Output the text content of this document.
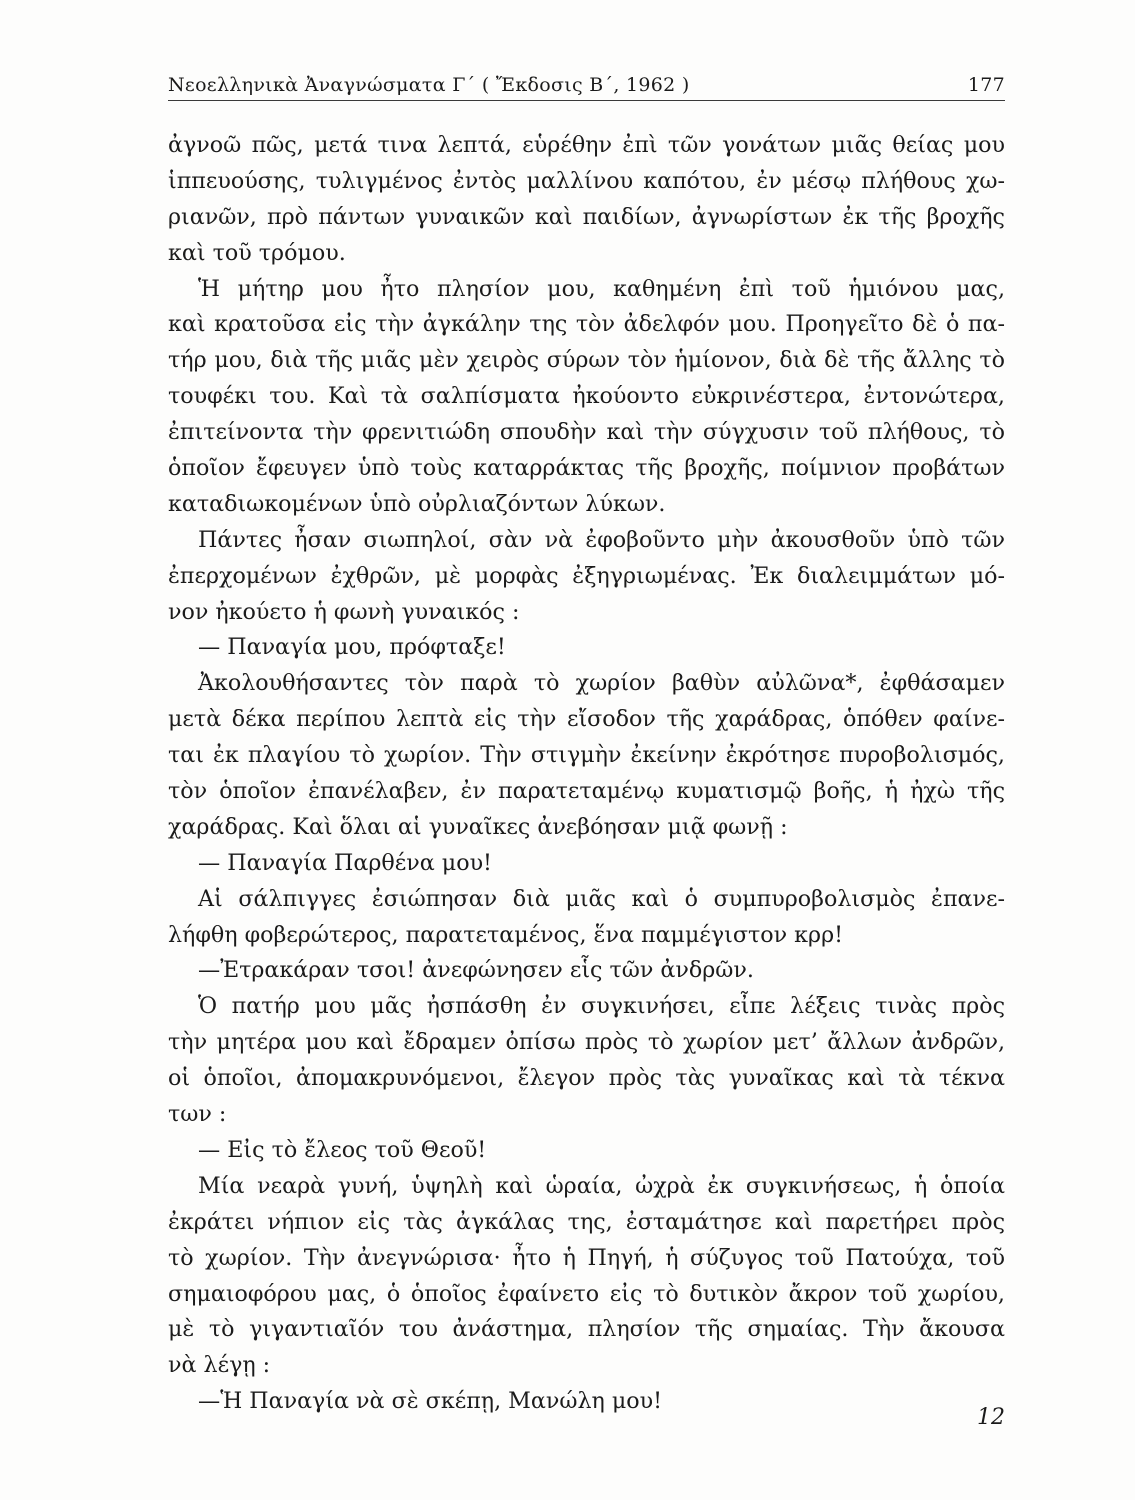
Νεοελληνικὰ Ἀναγνώσματα Γ΄ ( Ἔκδοσις Β΄, 1962 )	177
ἀγνοῶ πῶς, μετά τινα λεπτά, εὑρέθην ἐπὶ τῶν γονάτων μιᾶς θείας μου
ἱππευούσης, τυλιγμένος ἐντὸς μαλλίνου καπότου, ἐν μέσῳ πλήθους χω-
ριανῶν, πρὸ πάντων γυναικῶν καὶ παιδίων, ἀγνωρίστων ἐκ τῆς βροχῆς
καὶ τοῦ τρόμου.
Ἡ μήτηρ μου ἦτο πλησίον μου, καθημένη ἐπὶ τοῦ ἡμιόνου μας,
καὶ κρατοῦσα εἰς τὴν ἀγκάλην της τὸν ἀδελφόν μου. Προηγεῖτο δὲ ὁ πα-
τήρ μου, διὰ τῆς μιᾶς μὲν χειρὸς σύρων τὸν ἡμίονον, διὰ δὲ τῆς ἄλλης τὸ
τουφέκι του. Καὶ τὰ σαλπίσματα ἠκούοντο εὐκρινέστερα, ἐντονώτερα,
ἐπιτείνοντα τὴν φρενιτιώδη σπουδὴν καὶ τὴν σύγχυσιν τοῦ πλήθους, τὸ
ὁποῖον ἔφευγεν ὑπὸ τοὺς καταρράκτας τῆς βροχῆς, ποίμνιον προβάτων
καταδιωκομένων ὑπὸ οὐρλιαζόντων λύκων.
Πάντες ἦσαν σιωπηλοί, σὰν νὰ ἐφοβοῦντο μὴν ἀκουσθοῦν ὑπὸ τῶν
ἐπερχομένων ἐχθρῶν, μὲ μορφὰς ἐξηγριωμένας. Ἐκ διαλειμμάτων μό-
νον ἠκούετο ἡ φωνὴ γυναικός :
— Παναγία μου, πρόφταξε!
Ἀκολουθήσαντες τὸν παρὰ τὸ χωρίον βαθὺν αὐλῶνα*, ἐφθάσαμεν
μετὰ δέκα περίπου λεπτὰ εἰς τὴν εἴσοδον τῆς χαράδρας, ὁπόθεν φαίνε-
ται ἐκ πλαγίου τὸ χωρίον. Τὴν στιγμὴν ἐκείνην ἐκρότησε πυροβολισμός,
τὸν ὁποῖον ἐπανέλαβεν, ἐν παρατεταμένῳ κυματισμῷ βοῆς, ἡ ἠχὼ τῆς
χαράδρας. Καὶ ὅλαι αἱ γυναῖκες ἀνεβόησαν μιᾷ φωνῇ :
— Παναγία Παρθένα μου!
Αἱ σάλπιγγες ἐσιώπησαν διὰ μιᾶς καὶ ὁ συμπυροβολισμὸς ἐπανε-
λήφθη φοβερώτερος, παρατεταμένος, ἕνα παμμέγιστον κρρ!
—Ἐτρακάραν τσοι! ἀνεφώνησεν εἷς τῶν ἀνδρῶν.
Ὁ πατήρ μου μᾶς ἠσπάσθη ἐν συγκινήσει, εἶπε λέξεις τινὰς πρὸς
τὴν μητέρα μου καὶ ἔδραμεν ὀπίσω πρὸς τὸ χωρίον μετ’ ἄλλων ἀνδρῶν,
οἱ ὁποῖοι, ἀπομακρυνόμενοι, ἔλεγον πρὸς τὰς γυναῖκας καὶ τὰ τέκνα
των :
— Εἰς τὸ ἔλεος τοῦ Θεοῦ!
Μία νεαρὰ γυνή, ὑψηλὴ καὶ ὡραία, ὠχρὰ ἐκ συγκινήσεως, ἡ ὁποία
ἐκράτει νήπιον εἰς τὰς ἀγκάλας της, ἐσταμάτησε καὶ παρετήρει πρὸς
τὸ χωρίον. Τὴν ἀνεγνώρισα· ἦτο ἡ Πηγή, ἡ σύζυγος τοῦ Πατούχα, τοῦ
σημαιοφόρου μας, ὁ ὁποῖος ἐφαίνετο εἰς τὸ δυτικὸν ἄκρον τοῦ χωρίου,
μὲ τὸ γιγαντιαῖόν του ἀνάστημα, πλησίον τῆς σημαίας. Τὴν ἄκουσα
νὰ λέγῃ :
—Ἡ Παναγία νὰ σὲ σκέπῃ, Μανώλη μου!
12
